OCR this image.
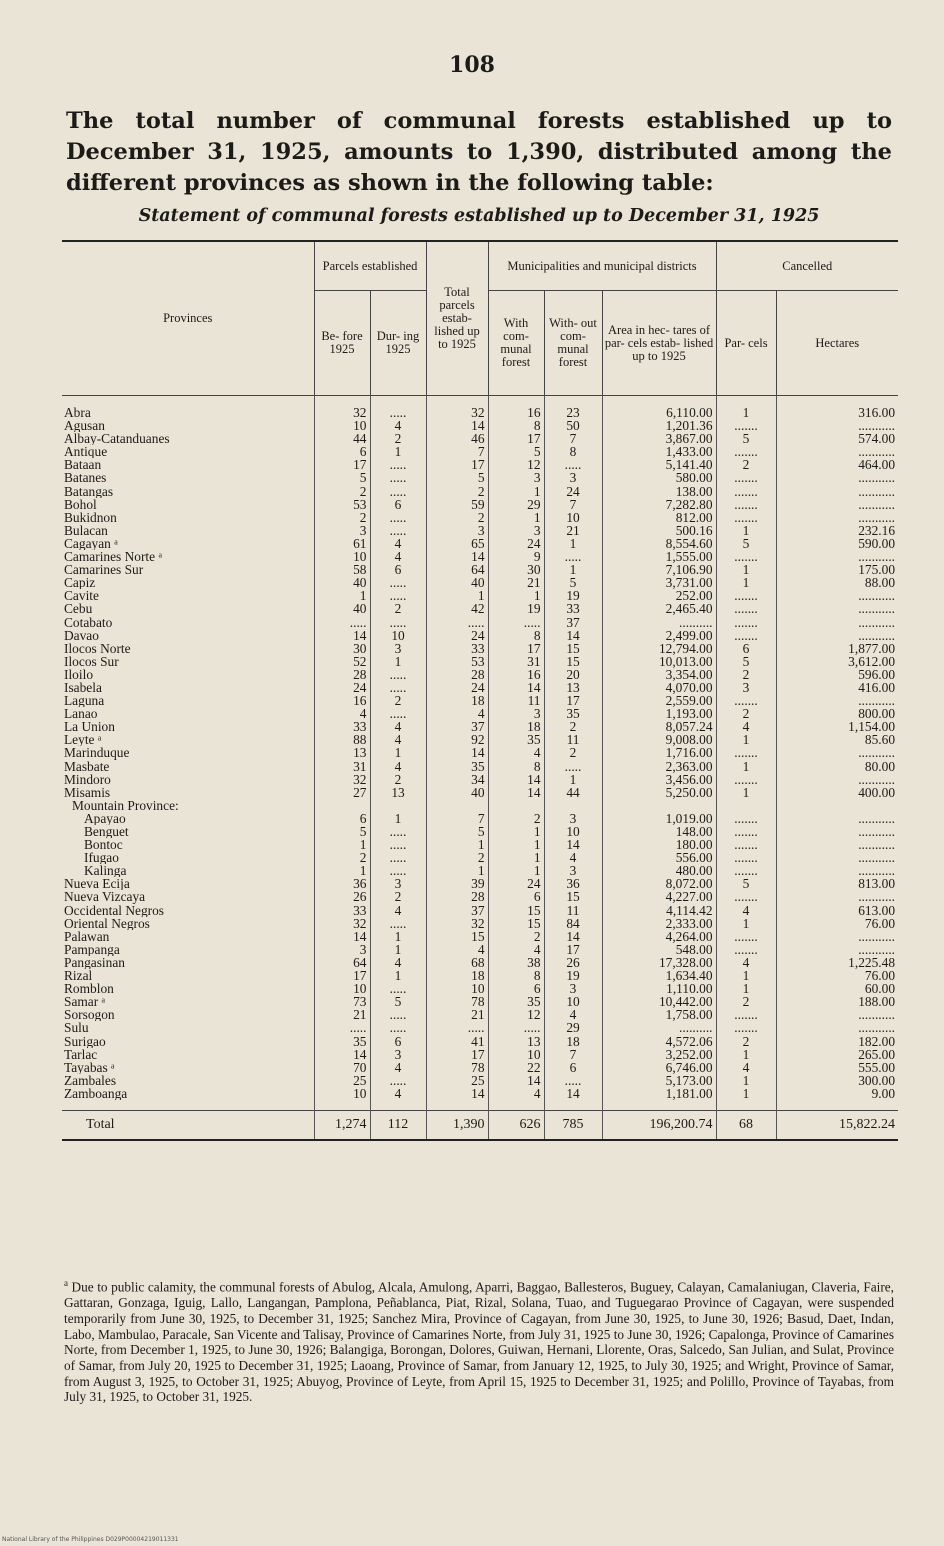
108
The total number of communal forests established up to December 31, 1925, amounts to 1,390, distributed among the different provinces as shown in the following table:
Statement of communal forests established up to December 31, 1925
Provinces	Parcels established		Total parcels estab- lished up to 1925	Municipalities and municipal districts			Cancelled	
	Be- fore 1925	Dur- ing 1925		With com- munal forest	With- out com- munal forest	Area in hec- tares of par- cels estab- lished up to 1925	Par- cels	Hectares

Abra	32	.....	32	16	23	6,110.00	1	316.00
Agusan	10	4	14	8	50	1,201.36	.......	...........
Albay-Catanduanes	44	2	46	17	7	3,867.00	5	574.00
Antique	6	1	7	5	8	1,433.00	.......	...........
Bataan	17	.....	17	12	.....	5,141.40	2	464.00
Batanes	5	.....	5	3	3	580.00	.......	...........
Batangas	2	.....	2	1	24	138.00	.......	...........
Bohol	53	6	59	29	7	7,282.80	.......	...........
Bukidnon	2	.....	2	1	10	812.00	.......	...........
Bulacan	3	.....	3	3	21	500.16	1	232.16
Cagayan ᵃ	61	4	65	24	1	8,554.60	5	590.00
Camarines Norte ᵃ	10	4	14	9	.....	1,555.00	.......	...........
Camarines Sur	58	6	64	30	1	7,106.90	1	175.00
Capiz	40	.....	40	21	5	3,731.00	1	88.00
Cavite	1	.....	1	1	19	252.00	.......	...........
Cebu	40	2	42	19	33	2,465.40	.......	...........
Cotabato	.....	.....	.....	.....	37	..........	.......	...........
Davao	14	10	24	8	14	2,499.00	.......	...........
Ilocos Norte	30	3	33	17	15	12,794.00	6	1,877.00
Ilocos Sur	52	1	53	31	15	10,013.00	5	3,612.00
Iloilo	28	.....	28	16	20	3,354.00	2	596.00
Isabela	24	.....	24	14	13	4,070.00	3	416.00
Laguna	16	2	18	11	17	2,559.00	.......	...........
Lanao	4	.....	4	3	35	1,193.00	2	800.00
La Union	33	4	37	18	2	8,057.24	4	1,154.00
Leyte ᵃ	88	4	92	35	11	9,008.00	1	85.60
Marinduque	13	1	14	4	2	1,716.00	.......	...........
Masbate	31	4	35	8	.....	2,363.00	1	80.00
Mindoro	32	2	34	14	1	3,456.00	.......	...........
Misamis	27	13	40	14	44	5,250.00	1	400.00
Mountain Province:								
Apayao	6	1	7	2	3	1,019.00	.......	...........
Benguet	5	.....	5	1	10	148.00	.......	...........
Bontoc	1	.....	1	1	14	180.00	.......	...........
Ifugao	2	.....	2	1	4	556.00	.......	...........
Kalinga	1	.....	1	1	3	480.00	.......	...........
Nueva Ecija	36	3	39	24	36	8,072.00	5	813.00
Nueva Vizcaya	26	2	28	6	15	4,227.00	.......	...........
Occidental Negros	33	4	37	15	11	4,114.42	4	613.00
Oriental Negros	32	.....	32	15	84	2,333.00	1	76.00
Palawan	14	1	15	2	14	4,264.00	.......	...........
Pampanga	3	1	4	4	17	548.00	.......	...........
Pangasinan	64	4	68	38	26	17,328.00	4	1,225.48
Rizal	17	1	18	8	19	1,634.40	1	76.00
Romblon	10	.....	10	6	3	1,110.00	1	60.00
Samar ᵃ	73	5	78	35	10	10,442.00	2	188.00
Sorsogon	21	.....	21	12	4	1,758.00	.......	...........
Sulu	.....	.....	.....	.....	29	..........	.......	...........
Surigao	35	6	41	13	18	4,572.06	2	182.00
Tarlac	14	3	17	10	7	3,252.00	1	265.00
Tayabas ᵃ	70	4	78	22	6	6,746.00	4	555.00
Zambales	25	.....	25	14	.....	5,173.00	1	300.00
Zamboanga	10	4	14	4	14	1,181.00	1	9.00

Total	1,274	112	1,390	626	785	196,200.74	68	15,822.24
$^a$ Due to public calamity, the communal forests of Abulog, Alcala, Amulong, Aparri, Baggao, Ballesteros, Buguey, Calayan, Camalaniugan, Claveria, Faire, Gattaran, Gonzaga, Iguig, Lallo, Langangan, Pamplona, Peñablanca, Piat, Rizal, Solana, Tuao, and Tuguegarao Province of Cagayan, were suspended temporarily from June 30, 1925, to December 31, 1925; Sanchez Mira, Province of Cagayan, from June 30, 1925, to June 30, 1926; Basud, Daet, Indan, Labo, Mambulao, Paracale, San Vicente and Talisay, Province of Camarines Norte, from July 31, 1925 to June 30, 1926; Capalonga, Province of Camarines Norte, from December 1, 1925, to June 30, 1926; Balangiga, Borongan, Dolores, Guiwan, Hernani, Llorente, Oras, Salcedo, San Julian, and Sulat, Province of Samar, from July 20, 1925 to December 31, 1925; Laoang, Province of Samar, from January 12, 1925, to July 30, 1925; and Wright, Province of Samar, from August 3, 1925, to October 31, 1925; Abuyog, Province of Leyte, from April 15, 1925 to December 31, 1925; and Polillo, Province of Tayabas, from July 31, 1925, to October 31, 1925.
National Library of the Philippines D029P00004219011331
